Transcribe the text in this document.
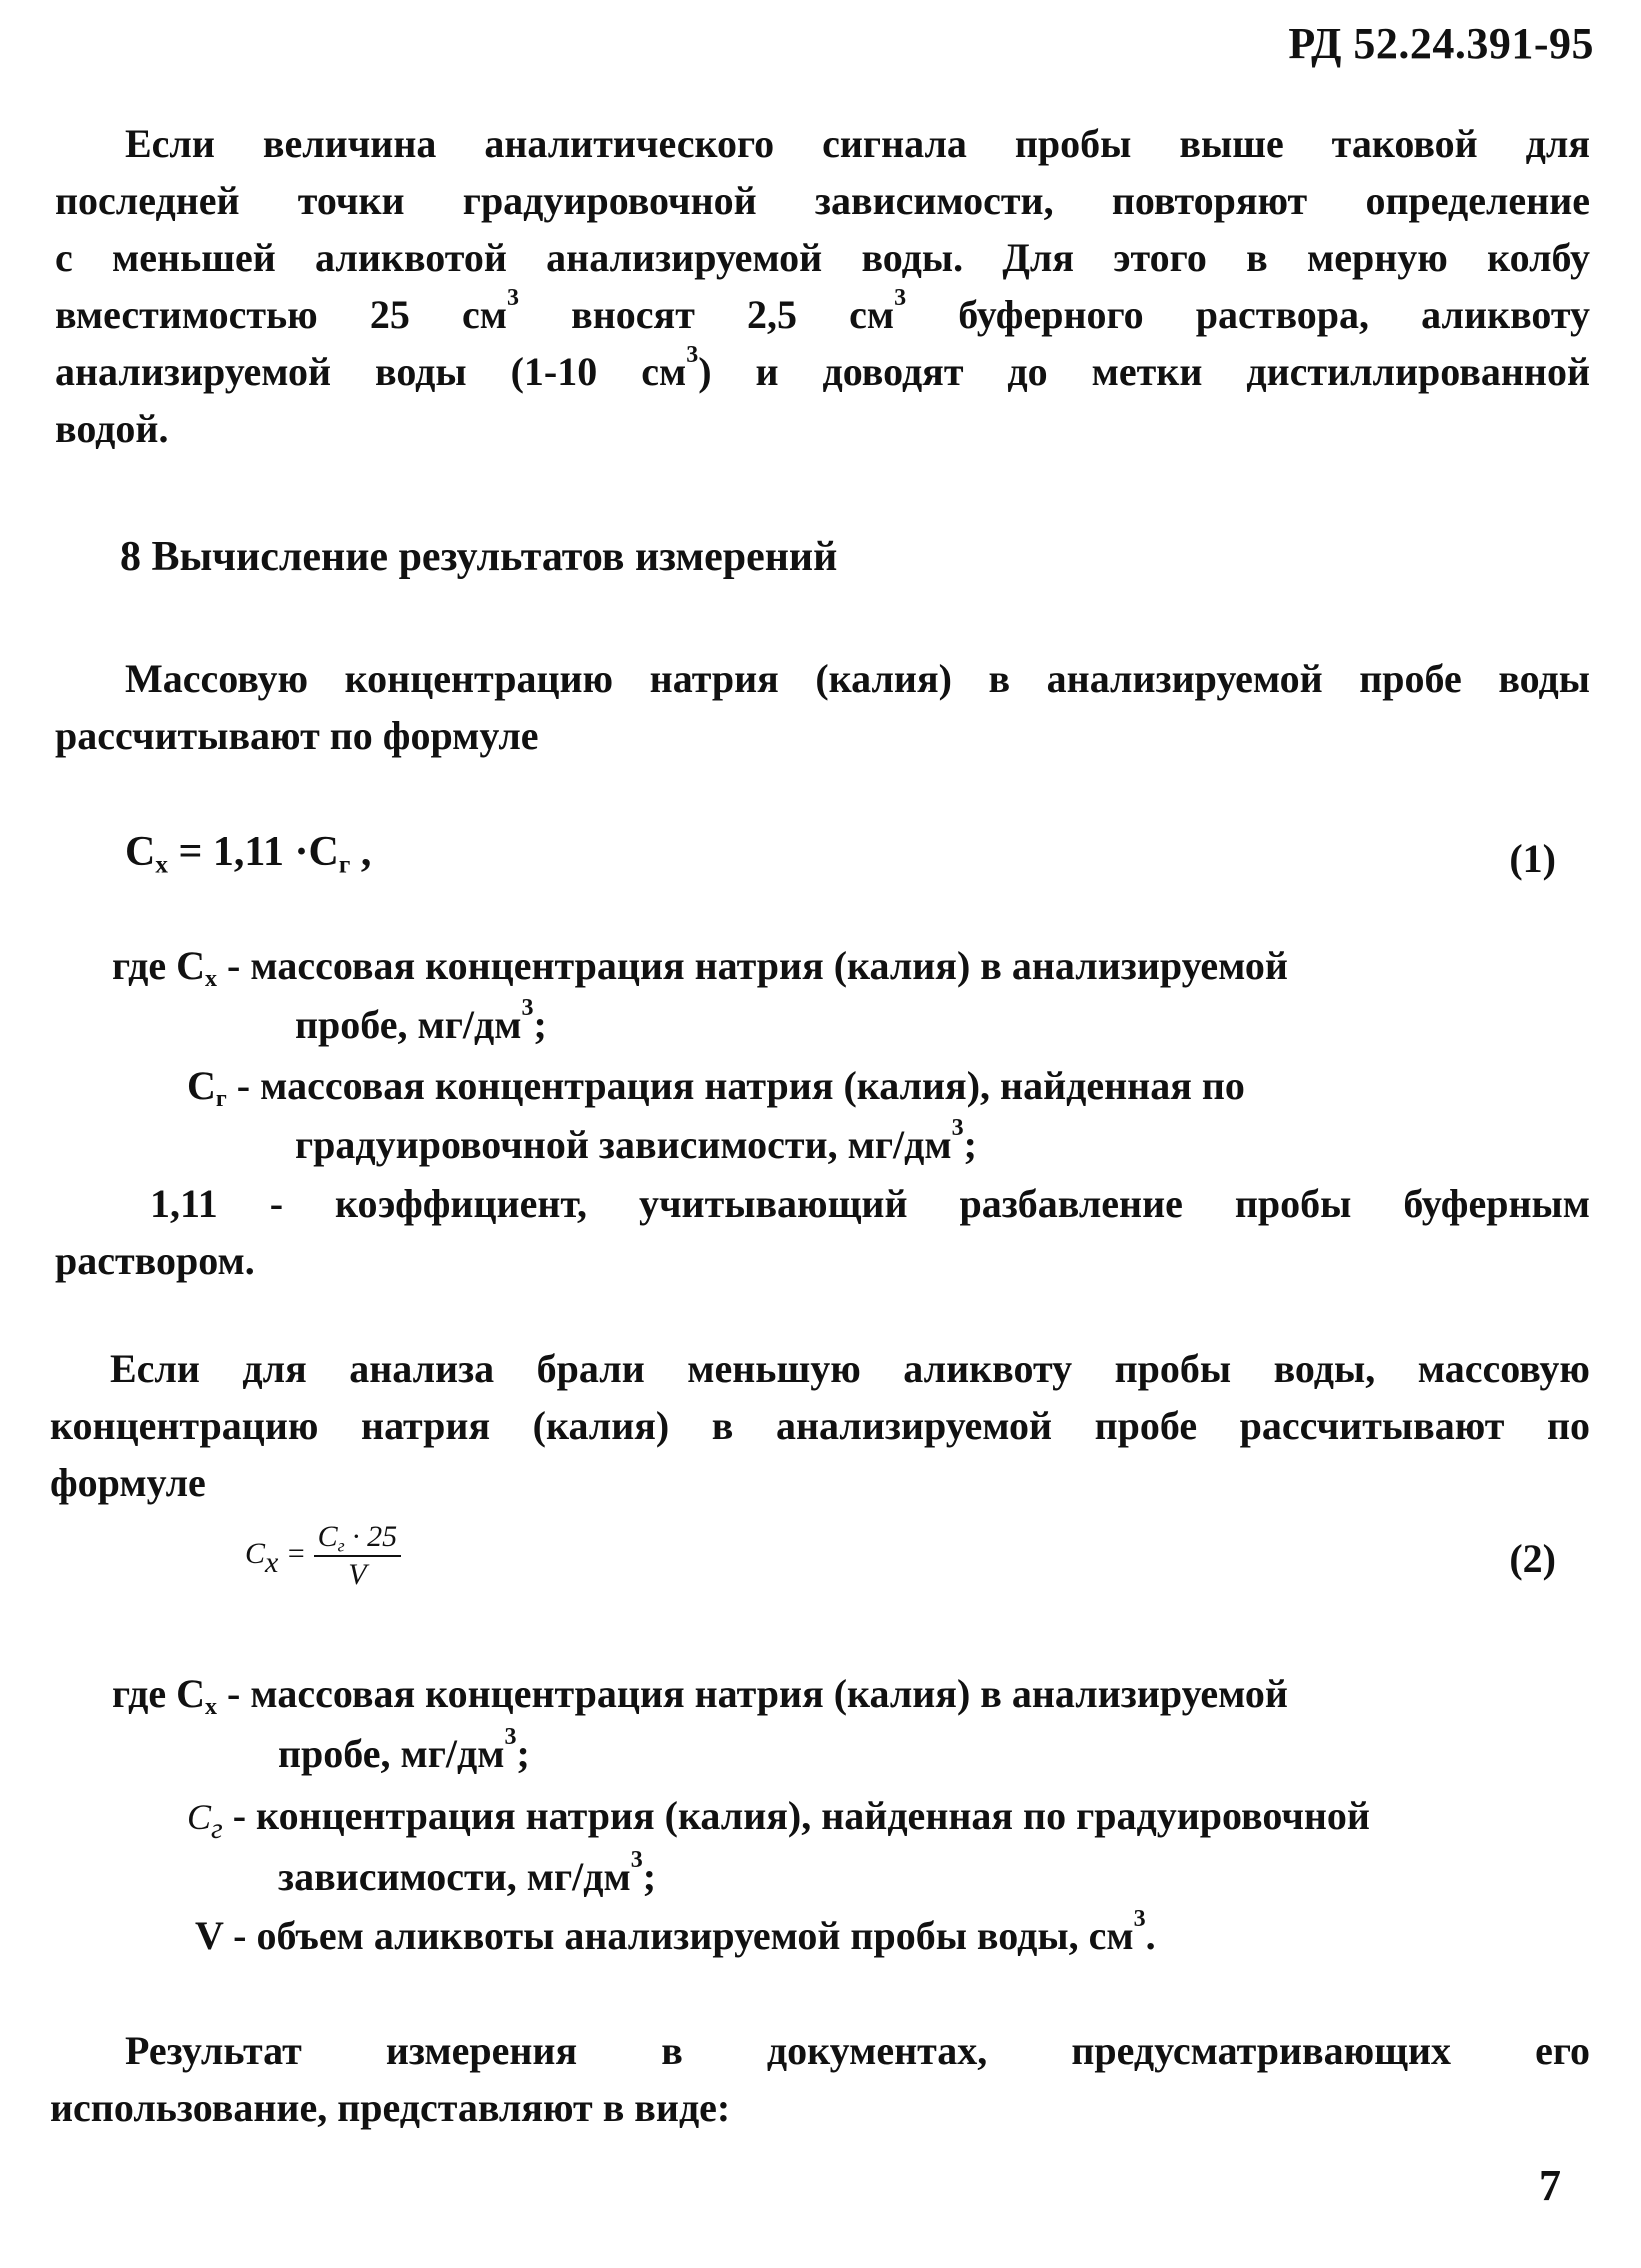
РД 52.24.391-95
Если величина аналитического сигнала пробы выше таковой для
последней точки градуировочной зависимости, повторяют определение
с меньшей аликвотой анализируемой воды. Для этого в мерную колбу
вместимостью 25 $см^3$ вносят 2,5 $см^3$ буферного раствора, аликвоту
анализируемой воды (1-10 $см^3$) и доводят до метки дистиллированной
водой.
8 Вычисление результатов измерений
Массовую концентрацию натрия (калия) в анализируемой пробе воды
рассчитывают по формуле
$C_x = 1,11 \cdot C_г$ ,	(1)
где $C_x$ - массовая концентрация натрия (калия) в анализируемой
пробе, $мг/дм^3$;
$C_г$ - массовая концентрация натрия (калия), найденная по
градуировочной зависимости, $мг/дм^3$;
1,11 - коэффициент, учитывающий разбавление пробы буферным
раствором.
Если для анализа брали меньшую аликвоту пробы воды, массовую
концентрацию натрия (калия) в анализируемой пробе рассчитывают по
формуле
$C_x = \frac{C_г \cdot 25}{V}$	(2)
где $C_x$ - массовая концентрация натрия (калия) в анализируемой
пробе, $мг/дм^3$;
$C_г$ - концентрация натрия (калия), найденная по градуировочной
зависимости, $мг/дм^3$;
V - объем аликвоты анализируемой пробы воды, $см^3$.
Результат измерения в документах, предусматривающих его
использование, представляют в виде:
7
